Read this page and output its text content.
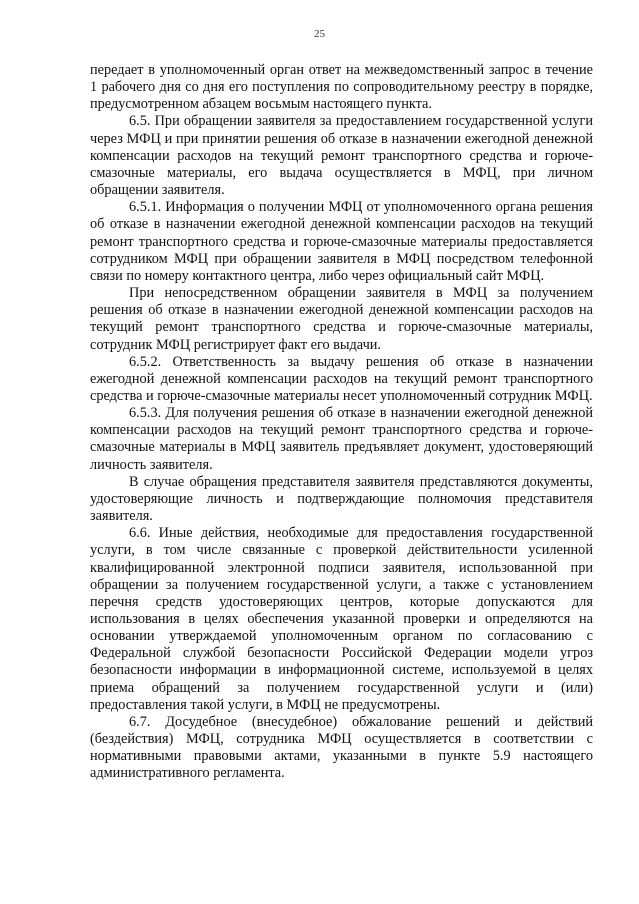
25

передает в уполномоченный орган ответ на межведомственный запрос в течение 1 рабочего дня со дня его поступления по сопроводительному реестру в порядке, предусмотренном абзацем восьмым настоящего пункта.

6.5. При обращении заявителя за предоставлением государственной услуги через МФЦ и при принятии решения об отказе в назначении ежегодной денежной компенсации расходов на текущий ремонт транспортного средства и горюче-смазочные материалы, его выдача осуществляется в МФЦ, при личном обращении заявителя.

6.5.1. Информация о получении МФЦ от уполномоченного органа решения об отказе в назначении ежегодной денежной компенсации расходов на текущий ремонт транспортного средства и горюче-смазочные материалы предоставляется сотрудником МФЦ при обращении заявителя в МФЦ посредством телефонной связи по номеру контактного центра, либо через официальный сайт МФЦ.

При непосредственном обращении заявителя в МФЦ за получением решения об отказе в назначении ежегодной денежной компенсации расходов на текущий ремонт транспортного средства и горюче-смазочные материалы, сотрудник МФЦ регистрирует факт его выдачи.

6.5.2. Ответственность за выдачу решения об отказе в назначении ежегодной денежной компенсации расходов на текущий ремонт транспортного средства и горюче-смазочные материалы несет уполномоченный сотрудник МФЦ.

6.5.3. Для получения решения об отказе в назначении ежегодной денежной компенсации расходов на текущий ремонт транспортного средства и горюче-смазочные материалы в МФЦ заявитель предъявляет документ, удостоверяющий личность заявителя.

В случае обращения представителя заявителя представляются документы, удостоверяющие личность и подтверждающие полномочия представителя заявителя.

6.6. Иные действия, необходимые для предоставления государственной услуги, в том числе связанные с проверкой действительности усиленной квалифицированной электронной подписи заявителя, использованной при обращении за получением государственной услуги, а также с установлением перечня средств удостоверяющих центров, которые допускаются для использования в целях обеспечения указанной проверки и определяются на основании утверждаемой уполномоченным органом по согласованию с Федеральной службой безопасности Российской Федерации модели угроз безопасности информации в информационной системе, используемой в целях приема обращений за получением государственной услуги и (или) предоставления такой услуги, в МФЦ не предусмотрены.

6.7. Досудебное (внесудебное) обжалование решений и действий (бездействия) МФЦ, сотрудника МФЦ осуществляется в соответствии с нормативными правовыми актами, указанными в пункте 5.9 настоящего административного регламента.
